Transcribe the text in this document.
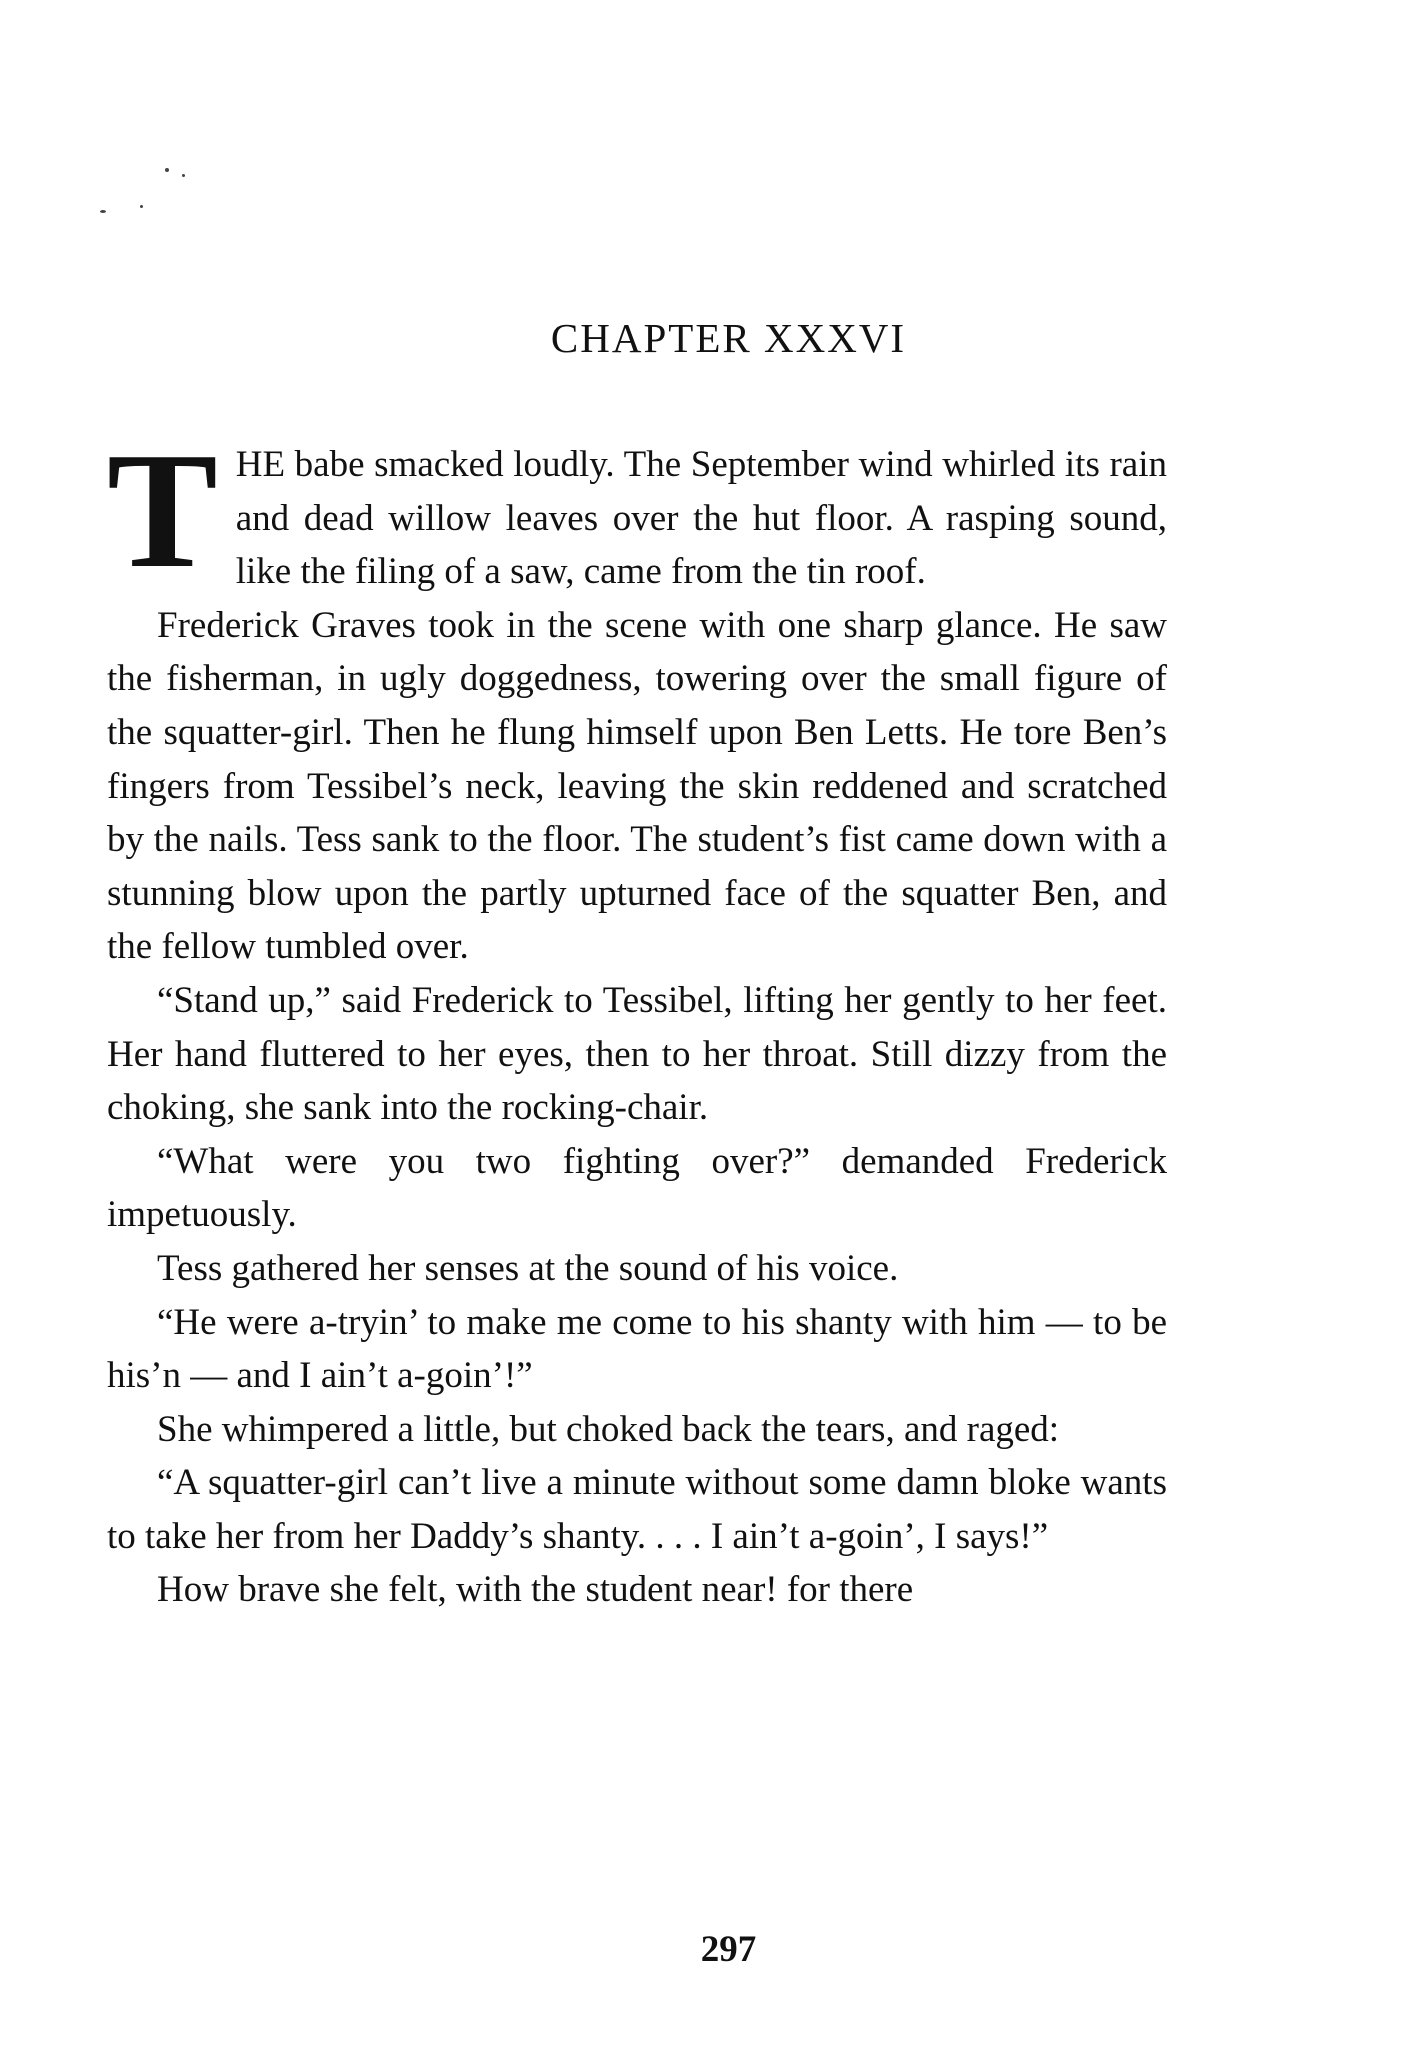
CHAPTER XXXVI
T HE babe smacked loudly. The September wind whirled its rain and dead willow leaves over the hut floor. A rasping sound, like the filing of a saw, came from the tin roof.

Frederick Graves took in the scene with one sharp glance. He saw the fisherman, in ugly doggedness, towering over the small figure of the squatter-girl. Then he flung himself upon Ben Letts. He tore Ben’s fingers from Tessibel’s neck, leaving the skin reddened and scratched by the nails. Tess sank to the floor. The student’s fist came down with a stunning blow upon the partly upturned face of the squatter Ben, and the fellow tumbled over.

“Stand up,” said Frederick to Tessibel, lifting her gently to her feet. Her hand fluttered to her eyes, then to her throat. Still dizzy from the choking, she sank into the rocking-chair.

“What were you two fighting over?” demanded Frederick impetuously.

Tess gathered her senses at the sound of his voice.

“He were a-tryin’ to make me come to his shanty with him — to be his’n — and I ain’t a-goin’!”

She whimpered a little, but choked back the tears, and raged:

“A squatter-girl can’t live a minute without some damn bloke wants to take her from her Daddy’s shanty. . . . I ain’t a-goin’, I says!”

How brave she felt, with the student near! for there

297
